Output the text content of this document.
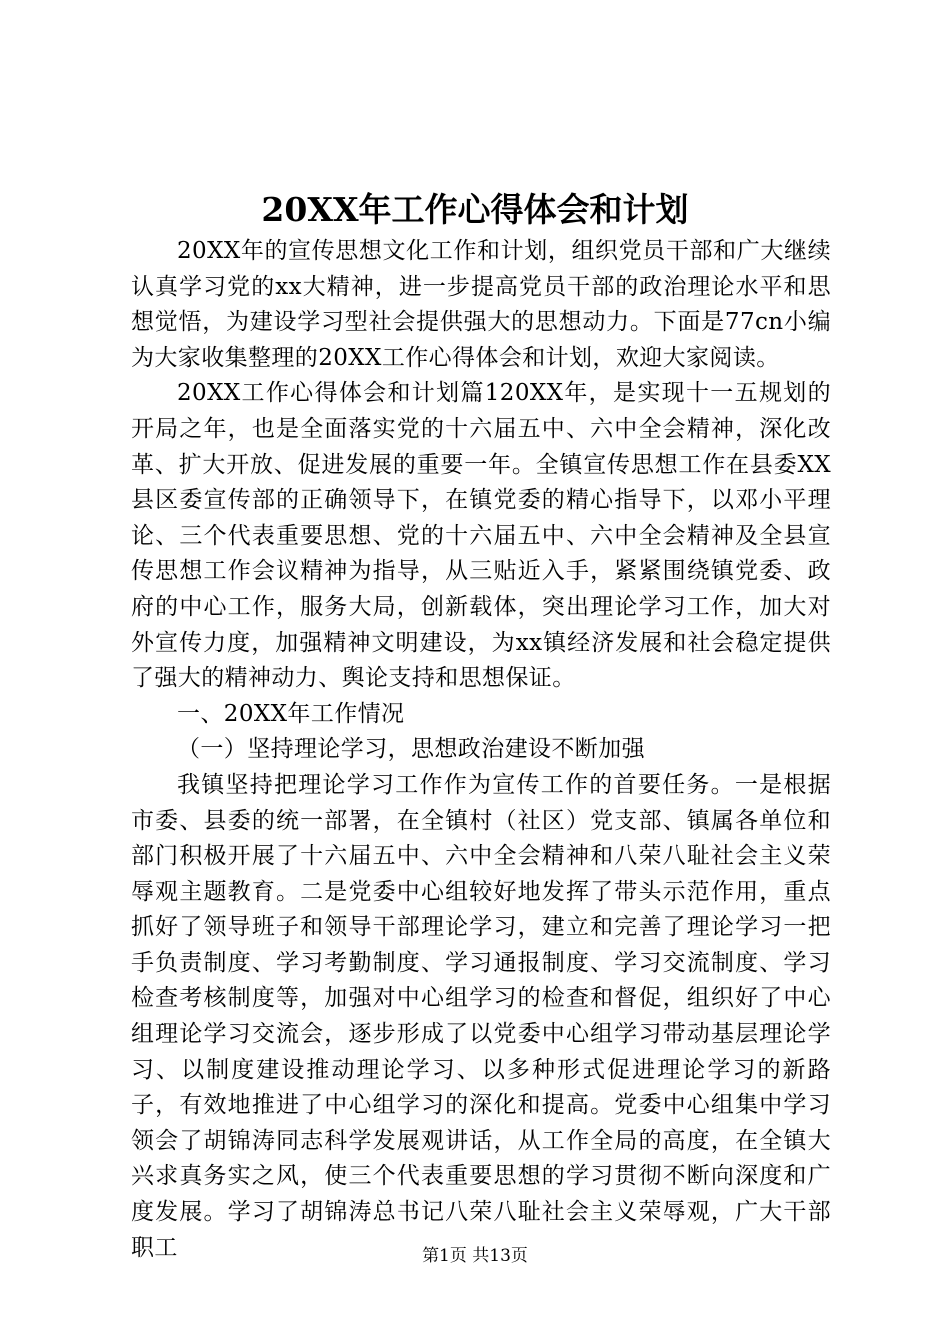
20XX年工作心得体会和计划

20XX年的宣传思想文化工作和计划，组织党员干部和广大继续认真学习党的xx大精神，进一步提高党员干部的政治理论水平和思想觉悟，为建设学习型社会提供强大的思想动力。下面是77cn小编为大家收集整理的20XX工作心得体会和计划，欢迎大家阅读。

20XX工作心得体会和计划篇120XX年，是实现十一五规划的开局之年，也是全面落实党的十六届五中、六中全会精神，深化改革、扩大开放、促进发展的重要一年。全镇宣传思想工作在县委XX县区委宣传部的正确领导下，在镇党委的精心指导下，以邓小平理论、三个代表重要思想、党的十六届五中、六中全会精神及全县宣传思想工作会议精神为指导，从三贴近入手，紧紧围绕镇党委、政府的中心工作，服务大局，创新载体，突出理论学习工作，加大对外宣传力度，加强精神文明建设，为xx镇经济发展和社会稳定提供了强大的精神动力、舆论支持和思想保证。

一、20XX年工作情况

（一）坚持理论学习，思想政治建设不断加强

我镇坚持把理论学习工作作为宣传工作的首要任务。一是根据市委、县委的统一部署，在全镇村（社区）党支部、镇属各单位和部门积极开展了十六届五中、六中全会精神和八荣八耻社会主义荣辱观主题教育。二是党委中心组较好地发挥了带头示范作用，重点抓好了领导班子和领导干部理论学习，建立和完善了理论学习一把手负责制度、学习考勤制度、学习通报制度、学习交流制度、学习检查考核制度等，加强对中心组学习的检查和督促，组织好了中心组理论学习交流会，逐步形成了以党委中心组学习带动基层理论学习、以制度建设推动理论学习、以多种形式促进理论学习的新路子，有效地推进了中心组学习的深化和提高。党委中心组集中学习领会了胡锦涛同志科学发展观讲话，从工作全局的高度，在全镇大兴求真务实之风，使三个代表重要思想的学习贯彻不断向深度和广度发展。学习了胡锦涛总书记八荣八耻社会主义荣辱观，广大干部职工	第1页 共13页
